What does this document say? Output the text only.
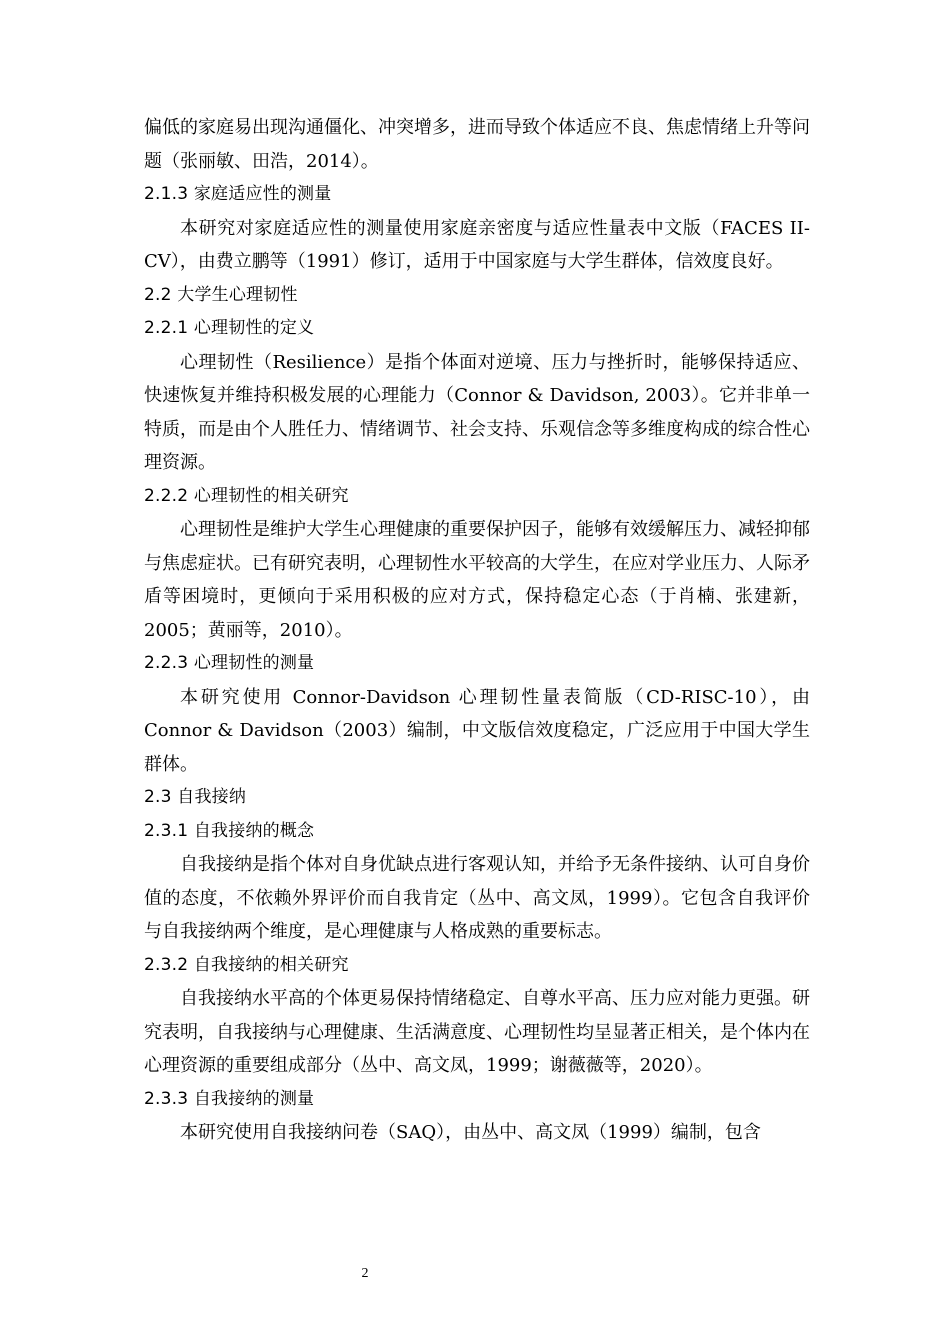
偏低的家庭易出现沟通僵化、冲突增多，进而导致个体适应不良、焦虑情绪上升等问题（张丽敏、田浩，2014）。

2.1.3 家庭适应性的测量

本研究对家庭适应性的测量使用家庭亲密度与适应性量表中文版（FACES II-CV），由费立鹏等（1991）修订，适用于中国家庭与大学生群体，信效度良好。

2.2 大学生心理韧性

2.2.1 心理韧性的定义

心理韧性（Resilience）是指个体面对逆境、压力与挫折时，能够保持适应、快速恢复并维持积极发展的心理能力（Connor & Davidson, 2003）。它并非单一特质，而是由个人胜任力、情绪调节、社会支持、乐观信念等多维度构成的综合性心理资源。

2.2.2 心理韧性的相关研究

心理韧性是维护大学生心理健康的重要保护因子，能够有效缓解压力、减轻抑郁与焦虑症状。已有研究表明，心理韧性水平较高的大学生，在应对学业压力、人际矛盾等困境时，更倾向于采用积极的应对方式，保持稳定心态（于肖楠、张建新，2005；黄丽等，2010）。

2.2.3 心理韧性的测量

本研究使用 Connor-Davidson 心理韧性量表简版（CD-RISC-10），由 Connor & Davidson（2003）编制，中文版信效度稳定，广泛应用于中国大学生群体。

2.3 自我接纳

2.3.1 自我接纳的概念

自我接纳是指个体对自身优缺点进行客观认知，并给予无条件接纳、认可自身价值的态度，不依赖外界评价而自我肯定（丛中、高文凤，1999）。它包含自我评价与自我接纳两个维度，是心理健康与人格成熟的重要标志。

2.3.2 自我接纳的相关研究

自我接纳水平高的个体更易保持情绪稳定、自尊水平高、压力应对能力更强。研究表明，自我接纳与心理健康、生活满意度、心理韧性均呈显著正相关，是个体内在心理资源的重要组成部分（丛中、高文凤，1999；谢薇薇等，2020）。

2.3.3 自我接纳的测量

本研究使用自我接纳问卷（SAQ），由丛中、高文凤（1999）编制，包含

2
